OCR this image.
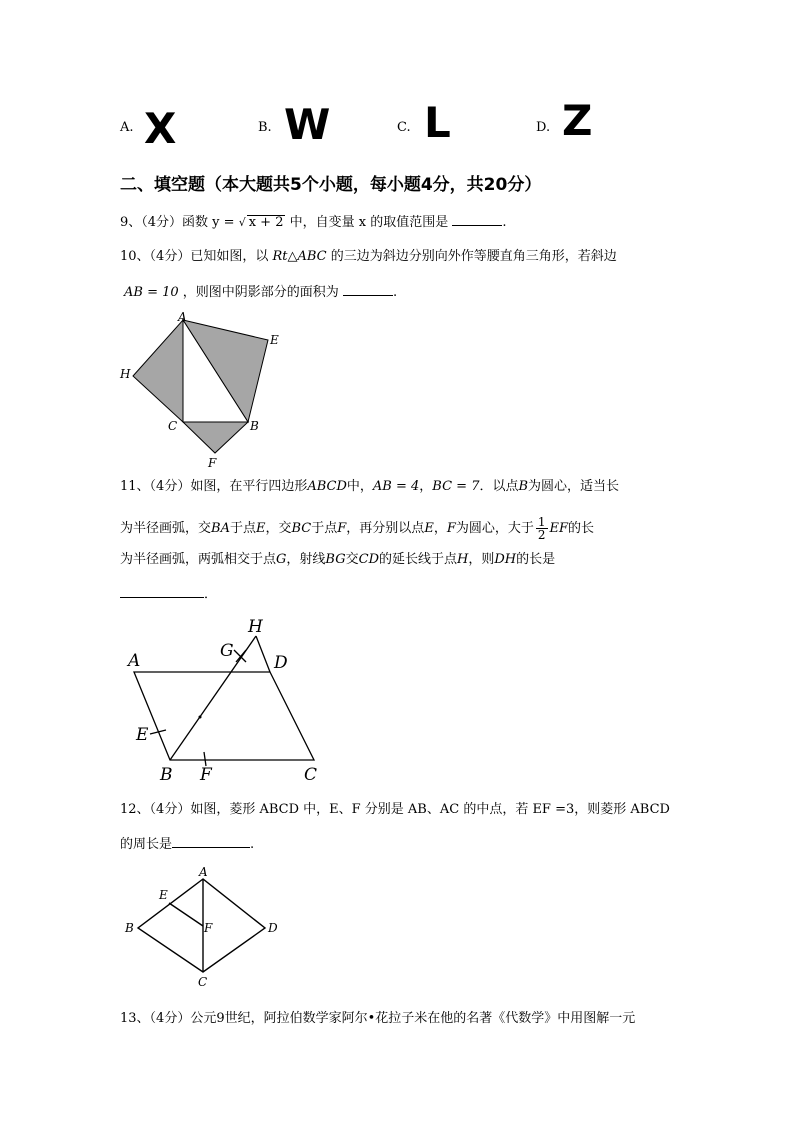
A. X	B. W	C. L	D. Z
二、填空题（本大题共5个小题，每小题4分，共20分）
9、（4分）函数 y = √ x + 2 中，自变量 x 的取值范围是	.
10、（4分）已知如图，以 Rt△ABC 的三边为斜边分别向外作等腰直角三角形，若斜边
AB = 10 ，则图中阴影部分的面积为	.
A
E
H
C	B
F
11、（4分）如图，在平行四边形ABCD中，AB = 4，BC = 7．以点B为圆心，适当长
为半径画弧，交BA于点E，交BC于点F，再分别以点E，F为圆心，大于 $\frac{1}{2}$ EF的长
为半径画弧，两弧相交于点G，射线BG交CD的延长线于点H，则DH的长是
．
H
G
A	D
E
B F	C
12、（4分）如图，菱形 ABCD 中，E、F 分别是 AB、AC 的中点，若 EF =3，则菱形 ABCD
的周长是	.
A
E
B	F	D
C
13、（4分）公元9世纪，阿拉伯数学家阿尔•花拉子米在他的名著《代数学》中用图解一元
